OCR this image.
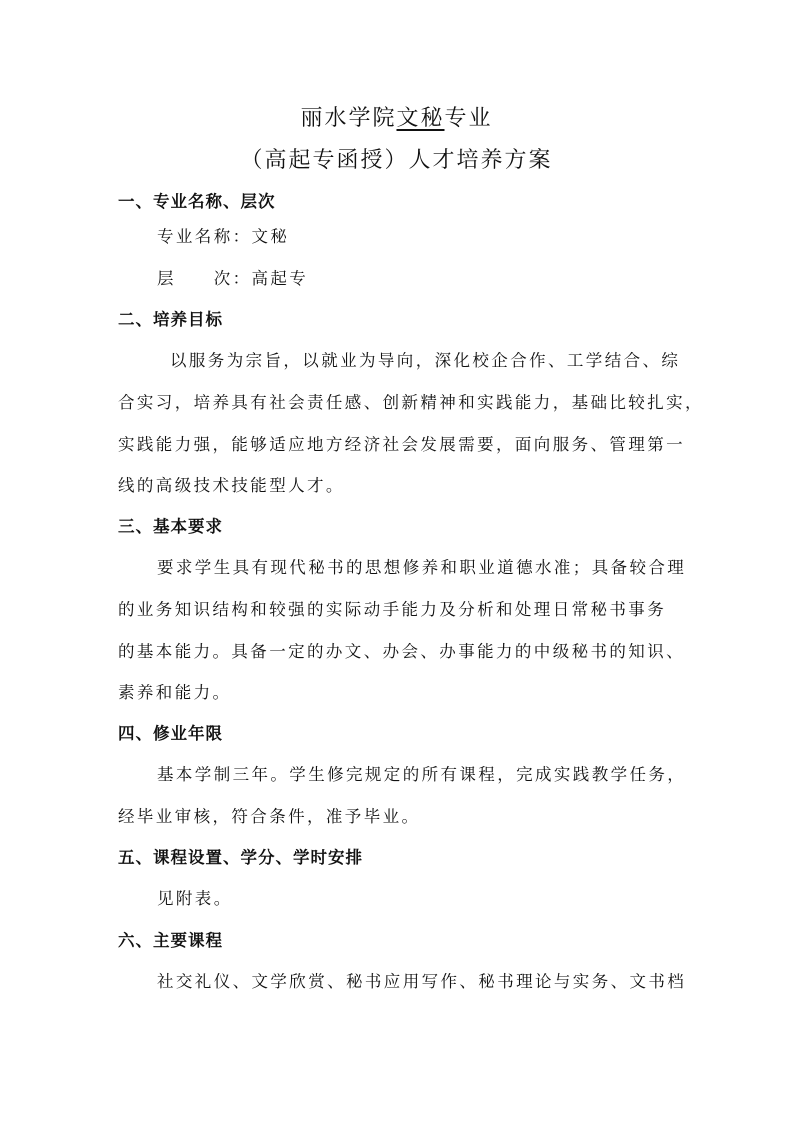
丽水学院文秘专业
（高起专函授）人才培养方案
一、专业名称、层次
专业名称：文秘
层　　次：高起专
二、培养目标
以服务为宗旨，以就业为导向，深化校企合作、工学结合、综
合实习，培养具有社会责任感、创新精神和实践能力，基础比较扎实，
实践能力强，能够适应地方经济社会发展需要，面向服务、管理第一
线的高级技术技能型人才。
三、基本要求
要求学生具有现代秘书的思想修养和职业道德水准；具备较合理
的业务知识结构和较强的实际动手能力及分析和处理日常秘书事务
的基本能力。具备一定的办文、办会、办事能力的中级秘书的知识、
素养和能力。
四、修业年限
基本学制三年。学生修完规定的所有课程，完成实践教学任务，
经毕业审核，符合条件，准予毕业。
五、课程设置、学分、学时安排
见附表。
六、主要课程
社交礼仪、文学欣赏、秘书应用写作、秘书理论与实务、文书档
